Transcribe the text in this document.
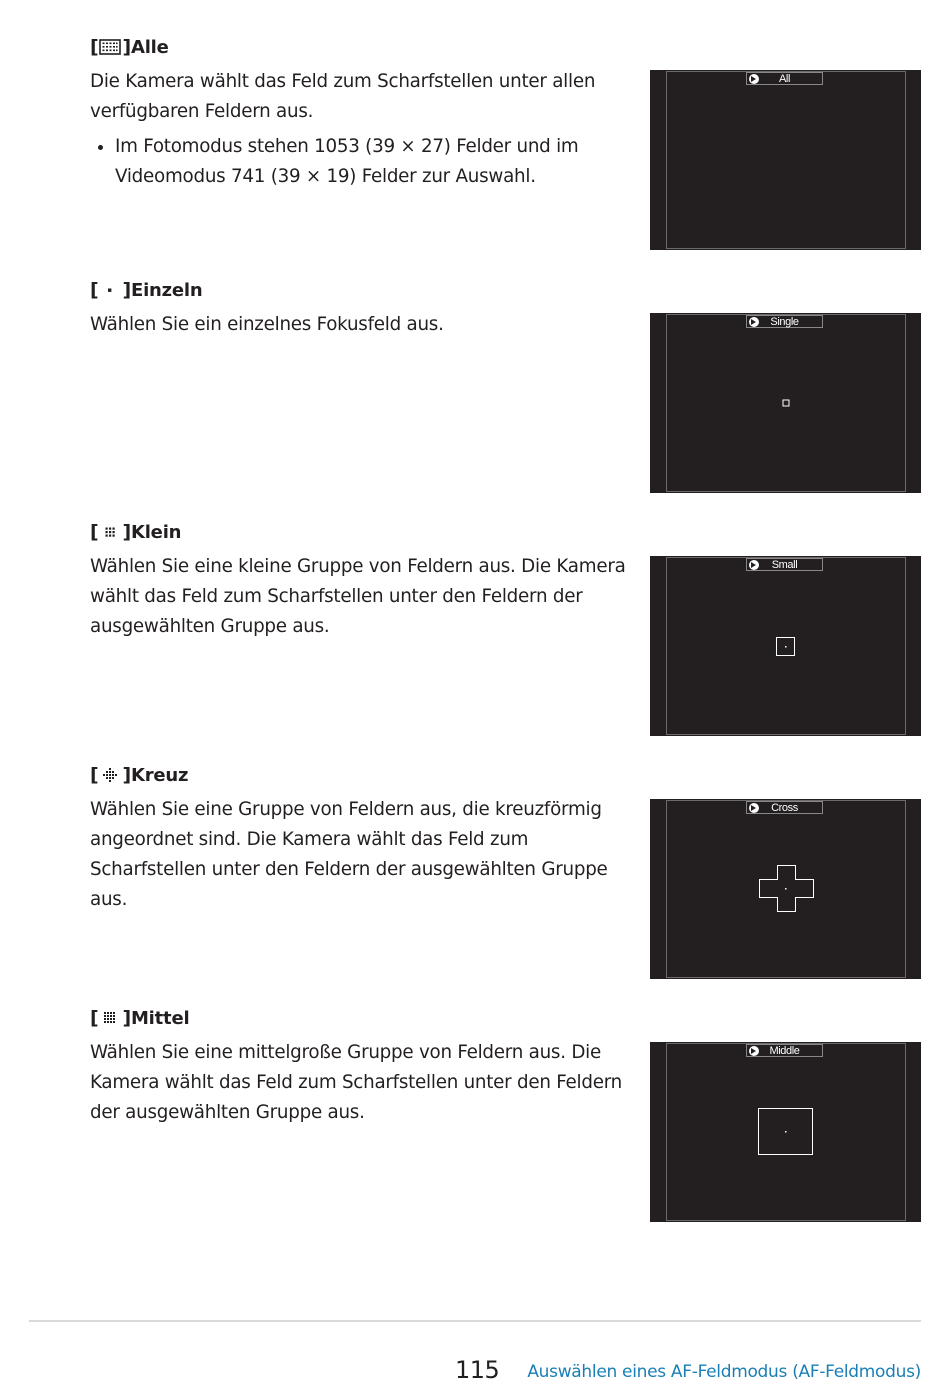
[ ] Alle
Die Kamera wählt das Feld zum Scharfstellen unter allen verfügbaren Feldern aus.
Im Fotomodus stehen 1053 (39 × 27) Felder und im Videomodus 741 (39 × 19) Felder zur Auswahl.
All
[ ] Einzeln
Wählen Sie ein einzelnes Fokusfeld aus.	Single
[ ] Klein
Wählen Sie eine kleine Gruppe von Feldern aus. Die Kamera wählt das Feld zum Scharfstellen unter den Feldern der ausgewählten Gruppe aus.
Small
[ ] Kreuz
Wählen Sie eine Gruppe von Feldern aus, die kreuzförmig angeordnet sind. Die Kamera wählt das Feld zum Scharfstellen unter den Feldern der ausgewählten Gruppe aus.
Cross
[ ] Mittel
Wählen Sie eine mittelgroße Gruppe von Feldern aus. Die Kamera wählt das Feld zum Scharfstellen unter den Feldern der ausgewählten Gruppe aus.
Middle
115 Auswählen eines AF-Feldmodus (AF-Feldmodus)
